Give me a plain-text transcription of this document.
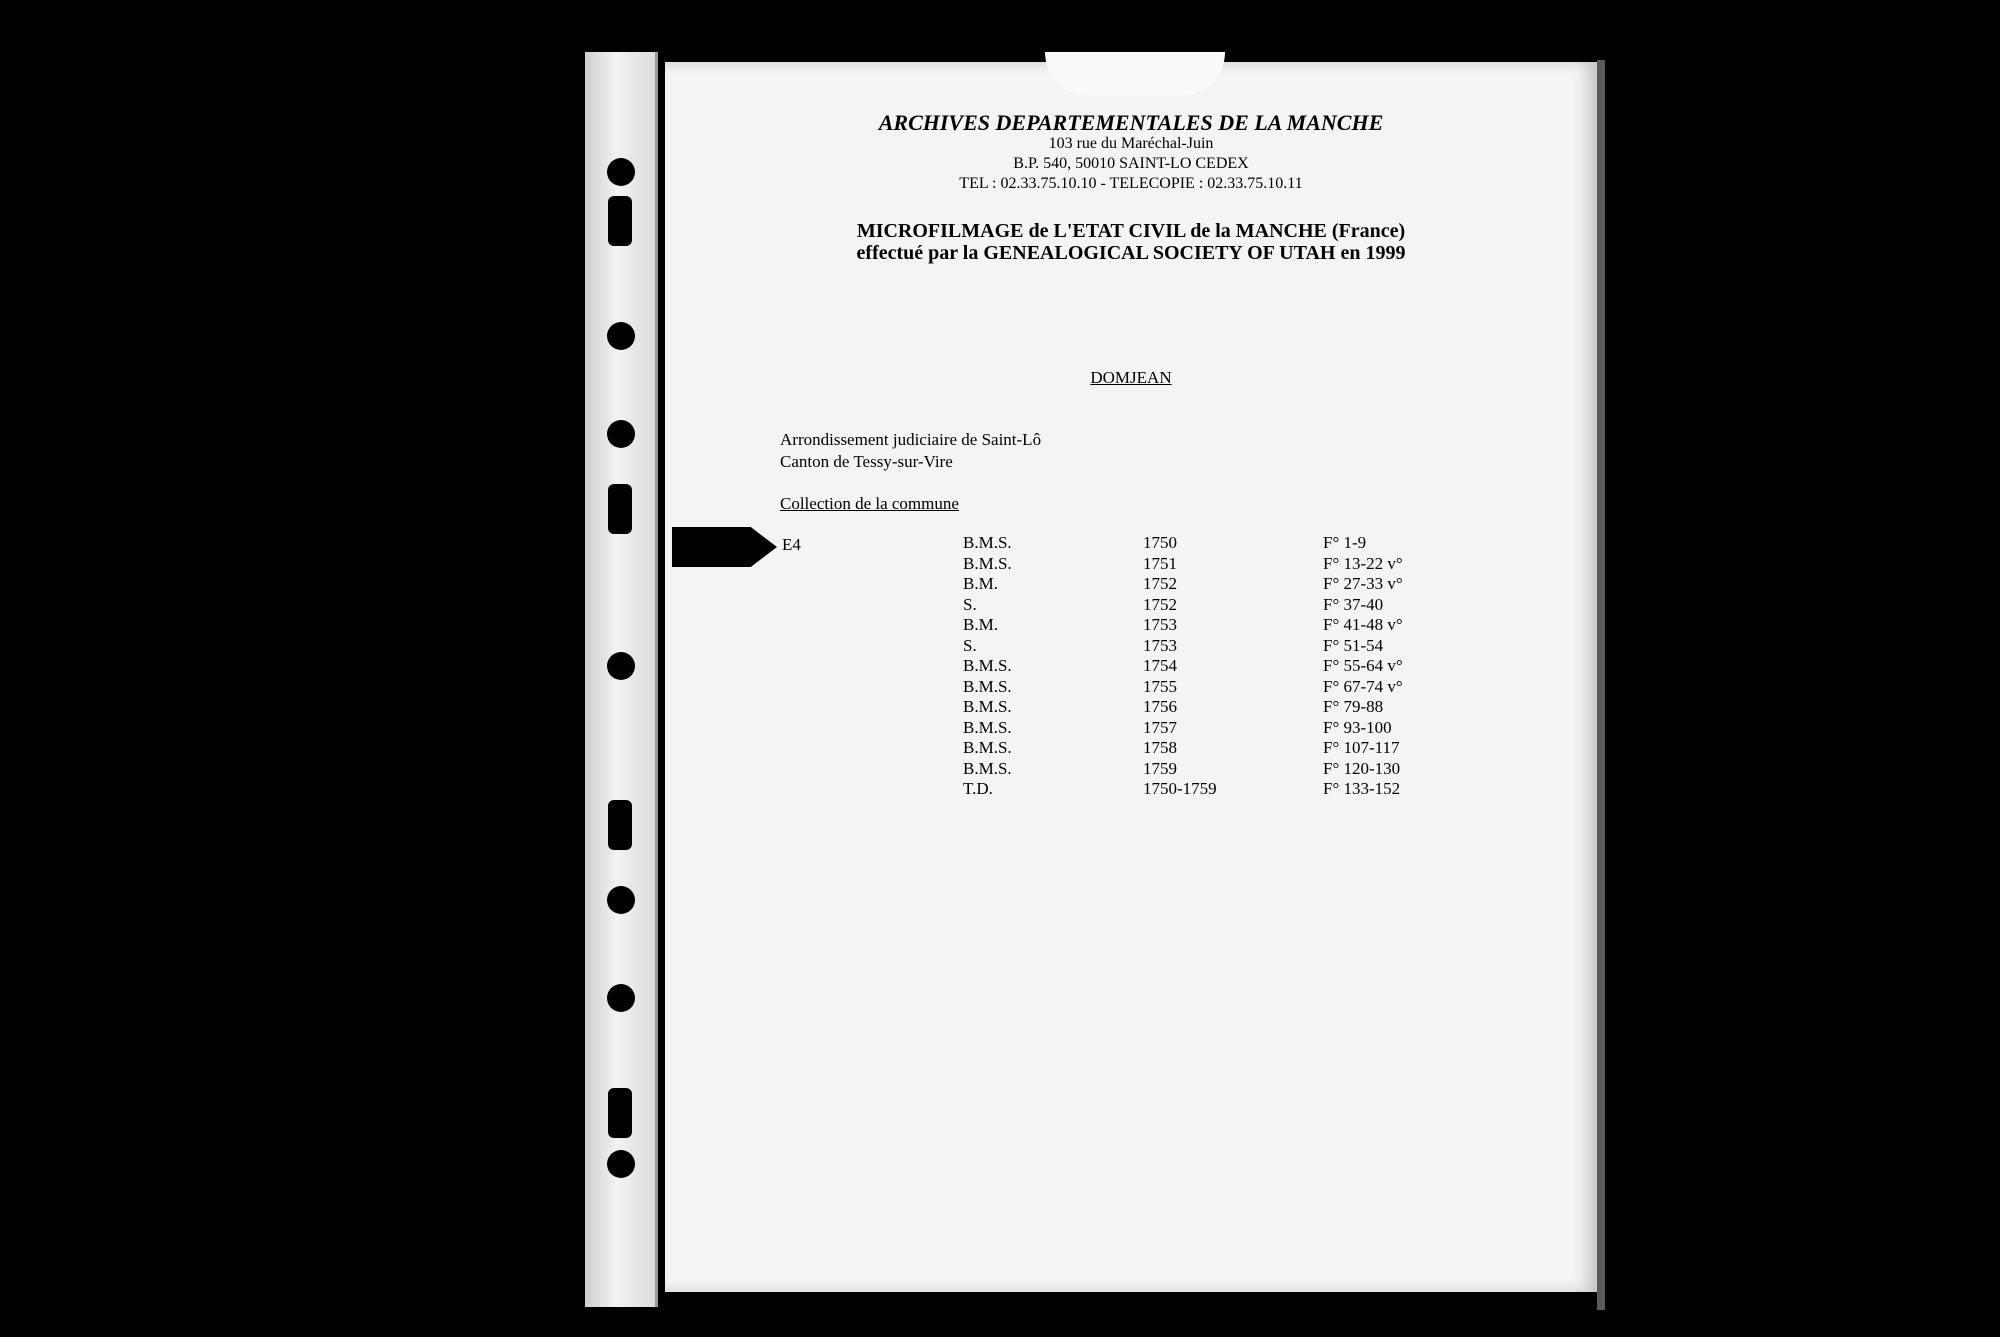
ARCHIVES DEPARTEMENTALES DE LA MANCHE
103 rue du Maréchal-Juin
B.P. 540, 50010 SAINT-LO CEDEX
TEL : 02.33.75.10.10 - TELECOPIE : 02.33.75.10.11
MICROFILMAGE de L'ETAT CIVIL de la MANCHE (France)
effectué par la GENEALOGICAL SOCIETY OF UTAH en 1999
DOMJEAN
Arrondissement judiciaire de Saint-Lô
Canton de Tessy-sur-Vire
Collection de la commune
E4	B.M.S.	1750	F° 1-9
B.M.S.	1751	F° 13-22 v°
B.M.	1752	F° 27-33 v°
S.	1752	F° 37-40
B.M.	1753	F° 41-48 v°
S.	1753	F° 51-54
B.M.S.	1754	F° 55-64 v°
B.M.S.	1755	F° 67-74 v°
B.M.S.	1756	F° 79-88
B.M.S.	1757	F° 93-100
B.M.S.	1758	F° 107-117
B.M.S.	1759	F° 120-130
T.D.	1750-1759	F° 133-152
